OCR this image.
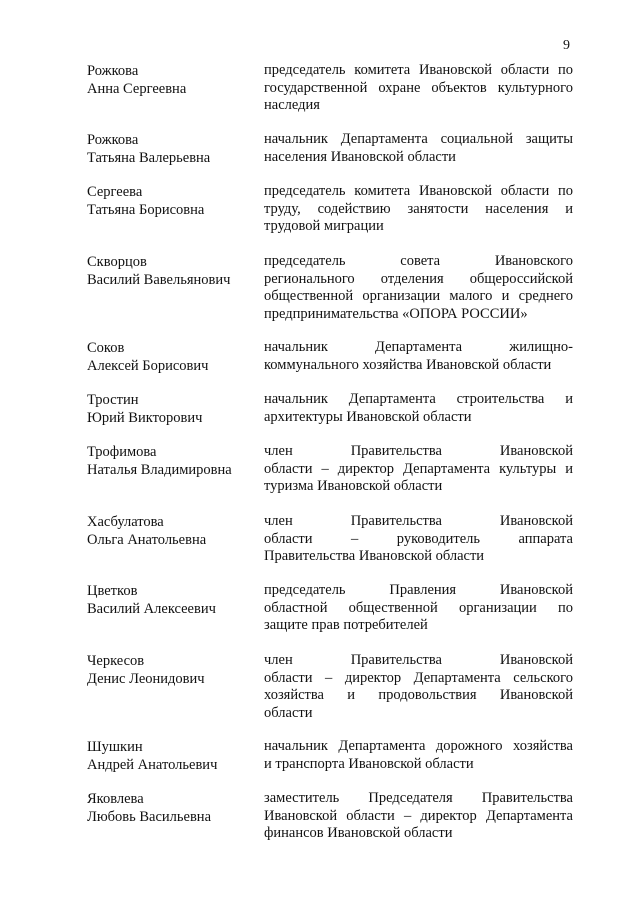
9
Рожкова
Анна Сергеевна
председатель комитета Ивановской области по
государственной охране объектов культурного
наследия
Рожкова
Татьяна Валерьевна
начальник Департамента социальной защиты
населения Ивановской области
Сергеева
Татьяна Борисовна
председатель комитета Ивановской области по
труду, содействию занятости населения и
трудовой миграции
Скворцов
Василий Вавельянович
председатель совета Ивановского
регионального отделения общероссийской
общественной организации малого и среднего
предпринимательства «ОПОРА РОССИИ»
Соков
Алексей Борисович
начальник Департамента жилищно-
коммунального хозяйства Ивановской области
Тростин
Юрий Викторович
начальник Департамента строительства и
архитектуры Ивановской области
Трофимова
Наталья Владимировна
член Правительства Ивановской
области – директор Департамента культуры и
туризма Ивановской области
Хасбулатова
Ольга Анатольевна
член Правительства Ивановской
области – руководитель аппарата
Правительства Ивановской области
Цветков
Василий Алексеевич
председатель Правления Ивановской
областной общественной организации по
защите прав потребителей
Черкесов
Денис Леонидович
член Правительства Ивановской
области – директор Департамента сельского
хозяйства и продовольствия Ивановской
области
Шушкин
Андрей Анатольевич
начальник Департамента дорожного хозяйства
и транспорта Ивановской области
Яковлева
Любовь Васильевна
заместитель Председателя Правительства
Ивановской области – директор Департамента
финансов Ивановской области
